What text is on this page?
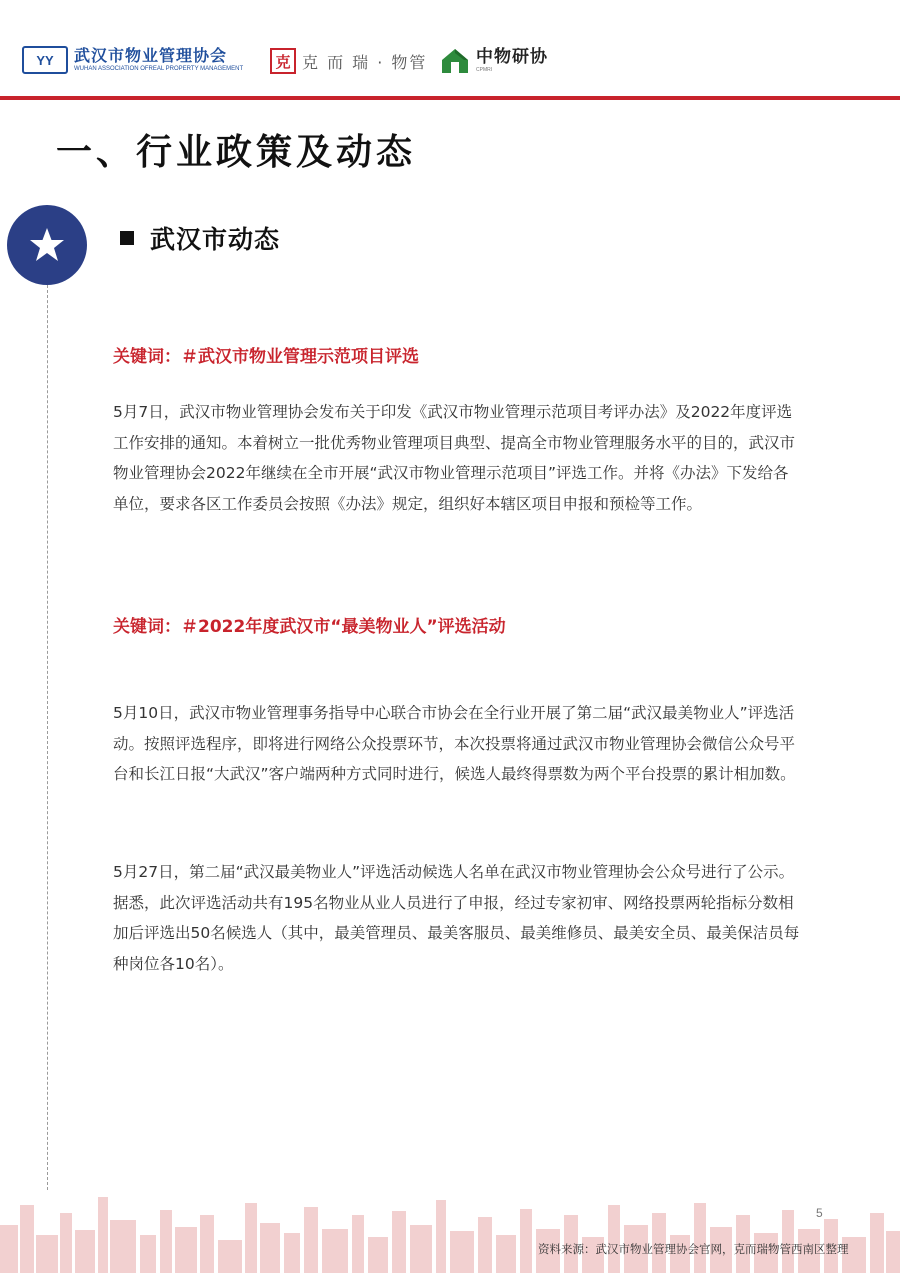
YY	武汉市物业管理协会
WUHAN ASSOCIATION OFREAL PROPERTY MANAGEMENT	克 克 而 瑞 · 物管	中物研协
CPMRI
一、行业政策及动态
武汉市动态
关键词：＃武汉市物业管理示范项目评选
5月7日，武汉市物业管理协会发布关于印发《武汉市物业管理示范项目考评办法》及2022年度评选工作安排的通知。本着树立一批优秀物业管理项目典型、提高全市物业管理服务水平的目的，武汉市物业管理协会2022年继续在全市开展“武汉市物业管理示范项目”评选工作。并将《办法》下发给各单位，要求各区工作委员会按照《办法》规定，组织好本辖区项目申报和预检等工作。
关键词：＃2022年度武汉市“最美物业人”评选活动
5月10日，武汉市物业管理事务指导中心联合市协会在全行业开展了第二届“武汉最美物业人”评选活动。按照评选程序，即将进行网络公众投票环节，本次投票将通过武汉市物业管理协会微信公众号平台和长江日报“大武汉”客户端两种方式同时进行，候选人最终得票数为两个平台投票的累计相加数。
5月27日，第二届“武汉最美物业人”评选活动候选人名单在武汉市物业管理协会公众号进行了公示。据悉，此次评选活动共有195名物业从业人员进行了申报，经过专家初审、网络投票两轮指标分数相加后评选出50名候选人（其中，最美管理员、最美客服员、最美维修员、最美安全员、最美保洁员每种岗位各10名）。
5
资料来源：武汉市物业管理协会官网，克而瑞物管西南区整理
